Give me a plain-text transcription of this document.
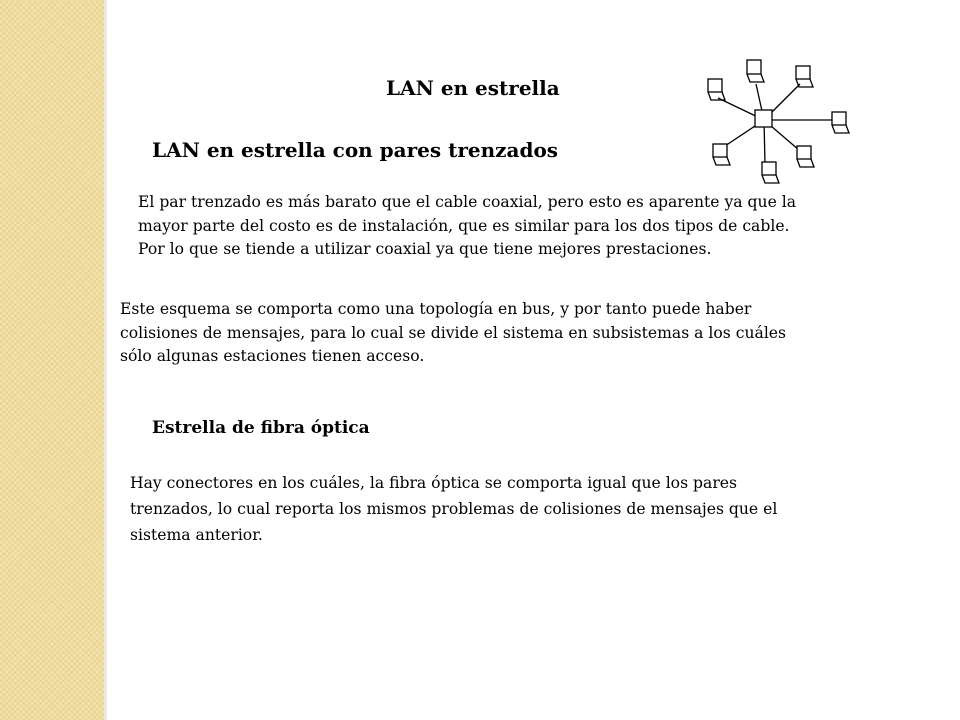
LAN en estrella
LAN en estrella con pares trenzados

El par trenzado es más barato que el cable coaxial, pero esto es aparente ya que la
mayor parte del costo es de instalación, que es similar para los dos tipos de cable.
Por lo que se tiende a utilizar coaxial ya que tiene mejores prestaciones.

Este esquema se comporta como una topología en bus, y por tanto puede haber
colisiones de mensajes, para lo cual se divide el sistema en subsistemas a los cuáles
sólo algunas estaciones tienen acceso.

Estrella de fibra óptica

Hay conectores en los cuáles, la fibra óptica se comporta igual que los pares
trenzados, lo cual reporta los mismos problemas de colisiones de mensajes que el
sistema anterior.
